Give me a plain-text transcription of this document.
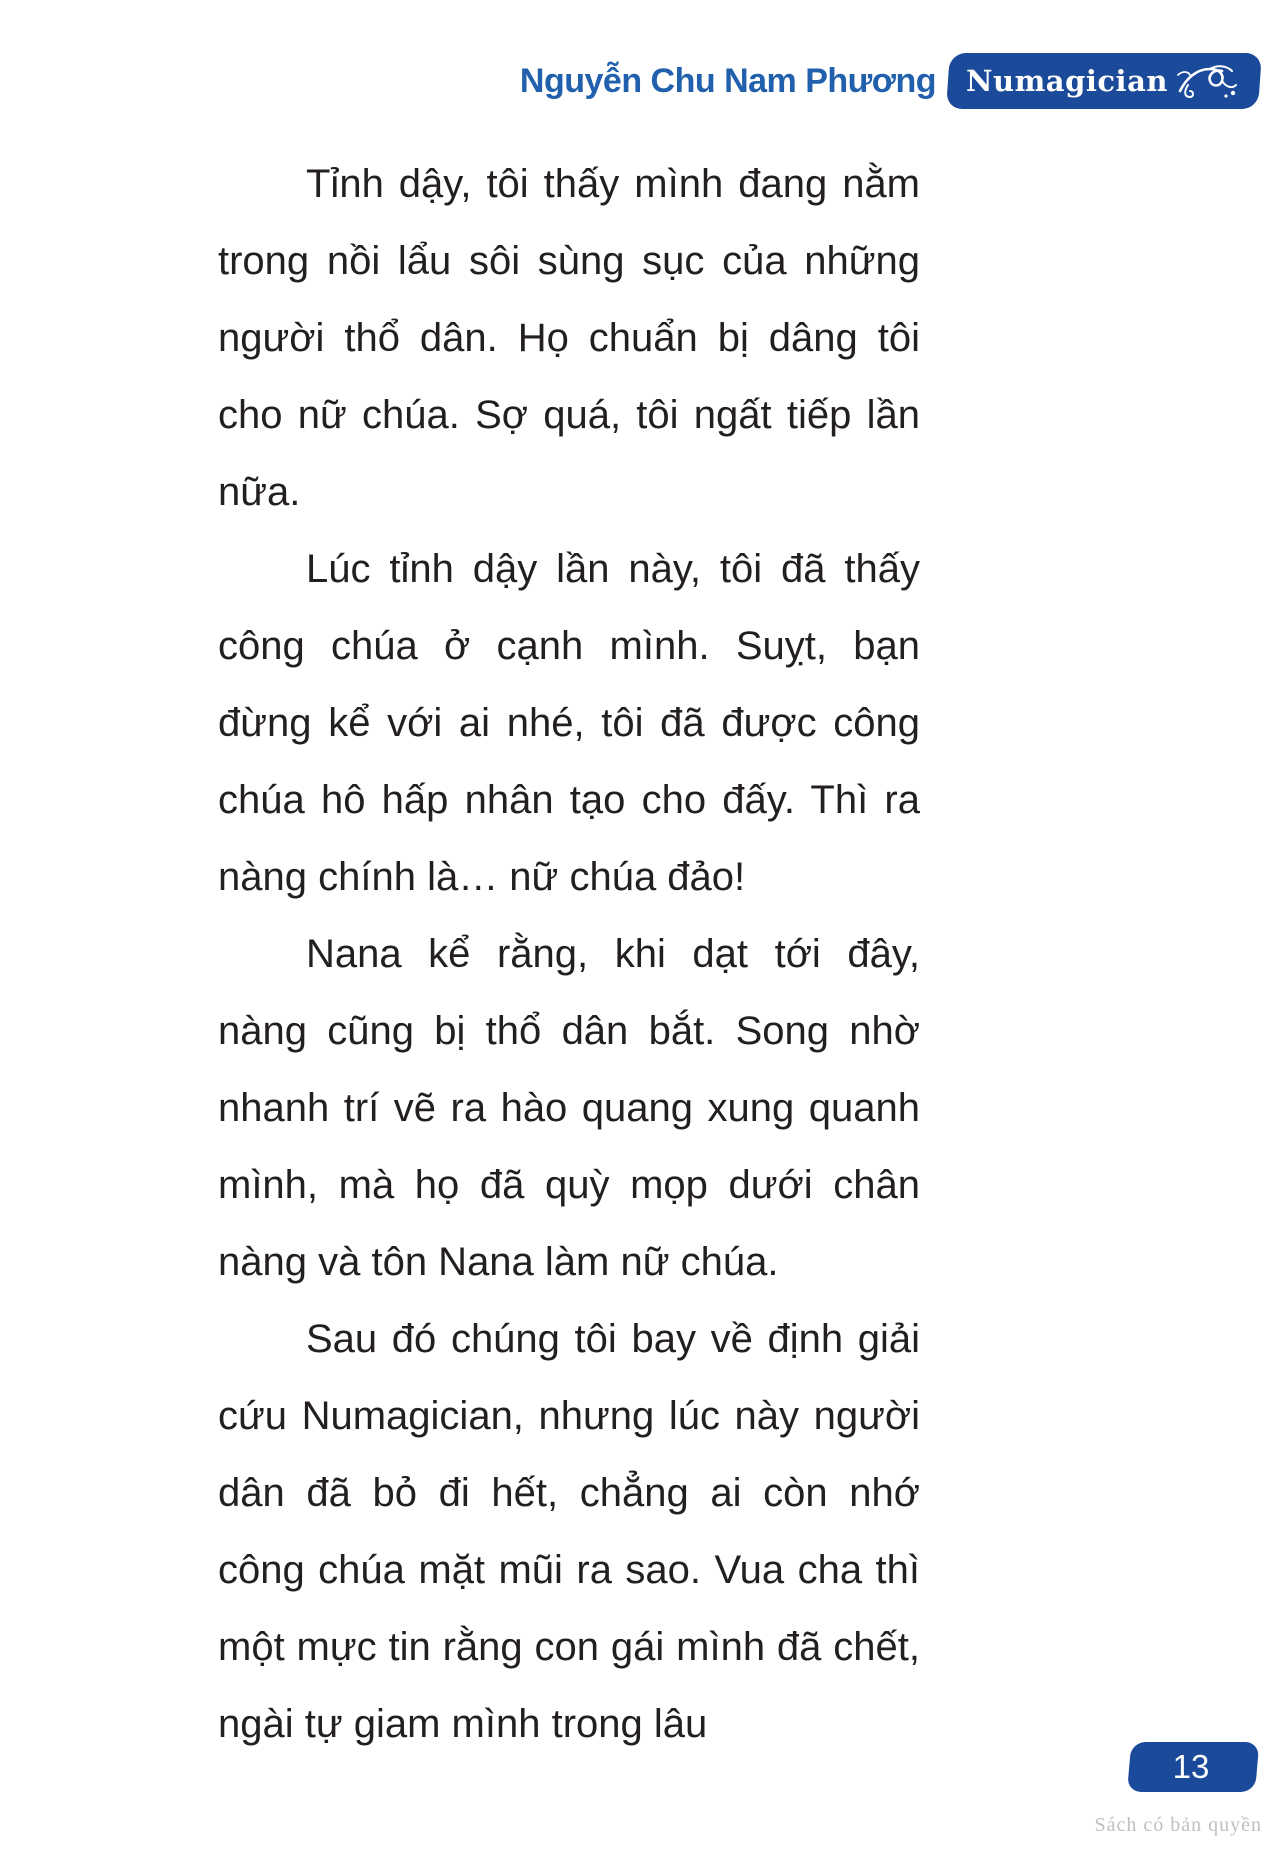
Nguyễn Chu Nam Phương Numagician

Tỉnh dậy, tôi thấy mình đang nằm trong nồi lẩu sôi sùng sục của những người thổ dân. Họ chuẩn bị dâng tôi cho nữ chúa. Sợ quá, tôi ngất tiếp lần nữa.

Lúc tỉnh dậy lần này, tôi đã thấy công chúa ở cạnh mình. Suỵt, bạn đừng kể với ai nhé, tôi đã được công chúa hô hấp nhân tạo cho đấy. Thì ra nàng chính là… nữ chúa đảo!

Nana kể rằng, khi dạt tới đây, nàng cũng bị thổ dân bắt. Song nhờ nhanh trí vẽ ra hào quang xung quanh mình, mà họ đã quỳ mọp dưới chân nàng và tôn Nana làm nữ chúa.

Sau đó chúng tôi bay về định giải cứu Numagician, nhưng lúc này người dân đã bỏ đi hết, chẳng ai còn nhớ công chúa mặt mũi ra sao. Vua cha thì một mực tin rằng con gái mình đã chết, ngài tự giam mình trong lâu

13
Sách có bản quyền
